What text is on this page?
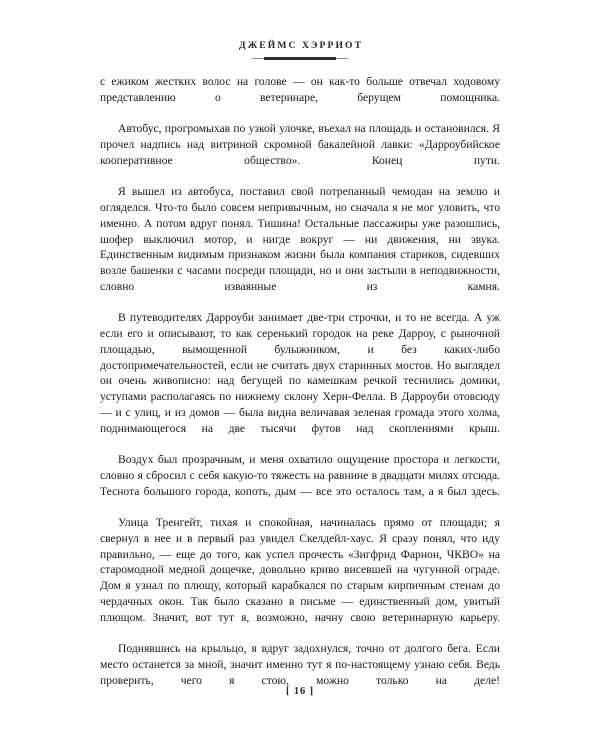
ДЖЕЙМС ХЭРРИОТ

с ежиком жестких волос на голове — он как-то больше отвечал ходовому представлению о ветеринаре, берущем помощника.

Автобус, прогромыхав по узкой улочке, въехал на площадь и остановился. Я прочел надпись над витриной скромной бакалейной лавки: «Дарроубийское кооперативное общество». Конец пути.

Я вышел из автобуса, поставил свой потрепанный чемодан на землю и огляделся. Что-то было совсем непривычным, но сначала я не мог уловить, что именно. А потом вдруг понял. Тишина! Остальные пассажиры уже разошлись, шофер выключил мотор, и нигде вокруг — ни движения, ни звука. Единственным видимым признаком жизни была компания стариков, сидевших возле башенки с часами посреди площади, но и они застыли в неподвижности, словно изваянные из камня.

В путеводителях Дарроуби занимает две-три строчки, и то не всегда. А уж если его и описывают, то как серенький городок на реке Дарроу, с рыночной площадью, вымощенной булыжником, и без каких-либо достопримечательностей, если не считать двух старинных мостов. Но выглядел он очень живописно: над бегущей по камешкам речкой теснились домики, уступами располагаясь по нижнему склону Херн-Фелла. В Дарроуби отовсюду — и с улиц, и из домов — была видна величавая зеленая громада этого холма, поднимающегося на две тысячи футов над скоплениями крыш.

Воздух был прозрачным, и меня охватило ощущение простора и легкости, словно я сбросил с себя какую-то тяжесть на равнине в двадцати милях отсюда. Теснота большого города, копоть, дым — все это осталось там, а я был здесь.

Улица Тренгейт, тихая и спокойная, начиналась прямо от площади; я свернул в нее и в первый раз увидел Скелдейл-хаус. Я сразу понял, что иду правильно, — еще до того, как успел прочесть «Зигфрид Фарнон, ЧКВО» на старомодной медной дощечке, довольно криво висевшей на чугунной ограде. Дом я узнал по плющу, который карабкался по старым кирпичным стенам до чердачных окон. Так было сказано в письме — единственный дом, увитый плющом. Значит, вот тут я, возможно, начну свою ветеринарную карьеру.

Поднявшись на крыльцо, я вдруг задохнулся, точно от долгого бега. Если место останется за мной, значит именно тут я по-настоящему узнаю себя. Ведь проверить, чего я стою, можно только на деле!

[ 16 ]
